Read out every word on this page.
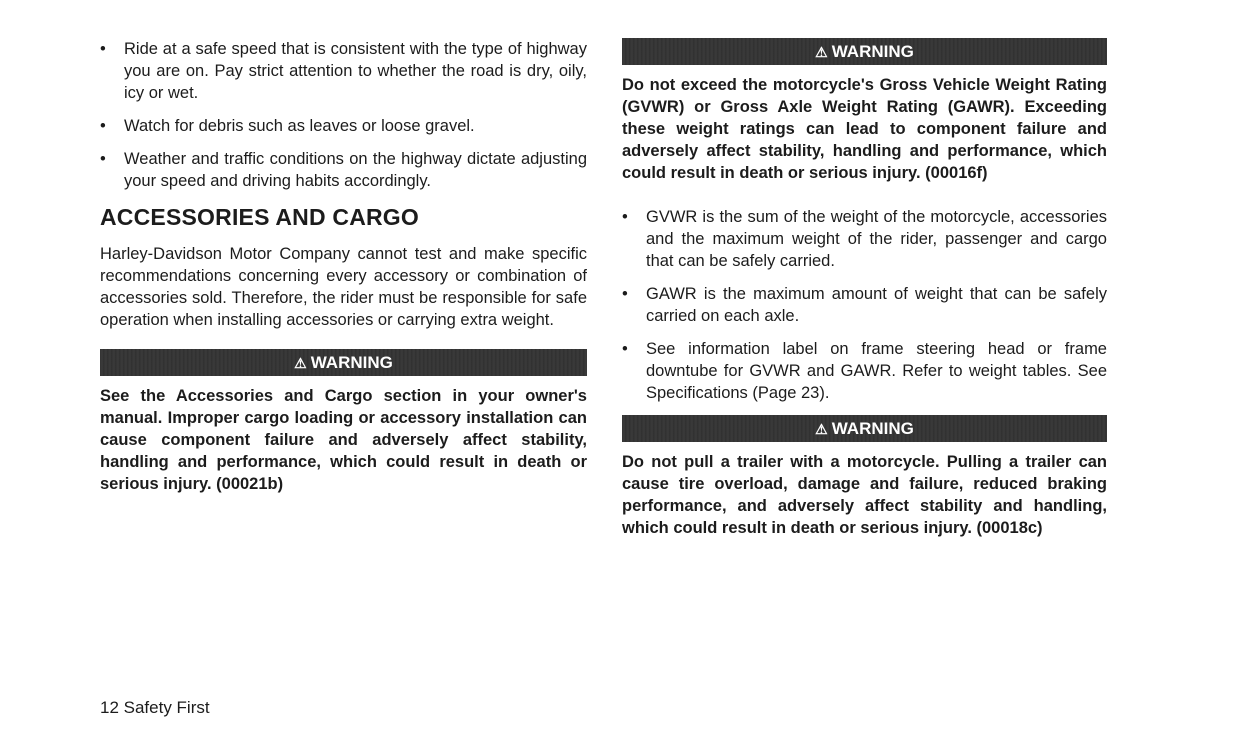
•	Ride at a safe speed that is consistent with the type of highway you are on. Pay strict attention to whether the road is dry, oily, icy or wet.
•	Watch for debris such as leaves or loose gravel.
•	Weather and traffic conditions on the highway dictate adjusting your speed and driving habits accordingly.
ACCESSORIES AND CARGO

Harley-Davidson Motor Company cannot test and make specific recommendations concerning every accessory or combination of accessories sold. Therefore, the rider must be responsible for safe operation when installing accessories or carrying extra weight.

⚠ WARNING

See the Accessories and Cargo section in your owner's manual. Improper cargo loading or accessory installation can cause component failure and adversely affect stability, handling and performance, which could result in death or serious injury. (00021b)

⚠ WARNING

Do not exceed the motorcycle's Gross Vehicle Weight Rating (GVWR) or Gross Axle Weight Rating (GAWR). Exceeding these weight ratings can lead to component failure and adversely affect stability, handling and performance, which could result in death or serious injury. (00016f)

•	GVWR is the sum of the weight of the motorcycle, accessories and the maximum weight of the rider, passenger and cargo that can be safely carried.
•	GAWR is the maximum amount of weight that can be safely carried on each axle.
•	See information label on frame steering head or frame downtube for GVWR and GAWR. Refer to weight tables. See Specifications (Page 23).
⚠ WARNING

Do not pull a trailer with a motorcycle. Pulling a trailer can cause tire overload, damage and failure, reduced braking performance, and adversely affect stability and handling, which could result in death or serious injury. (00018c)

12 Safety First
